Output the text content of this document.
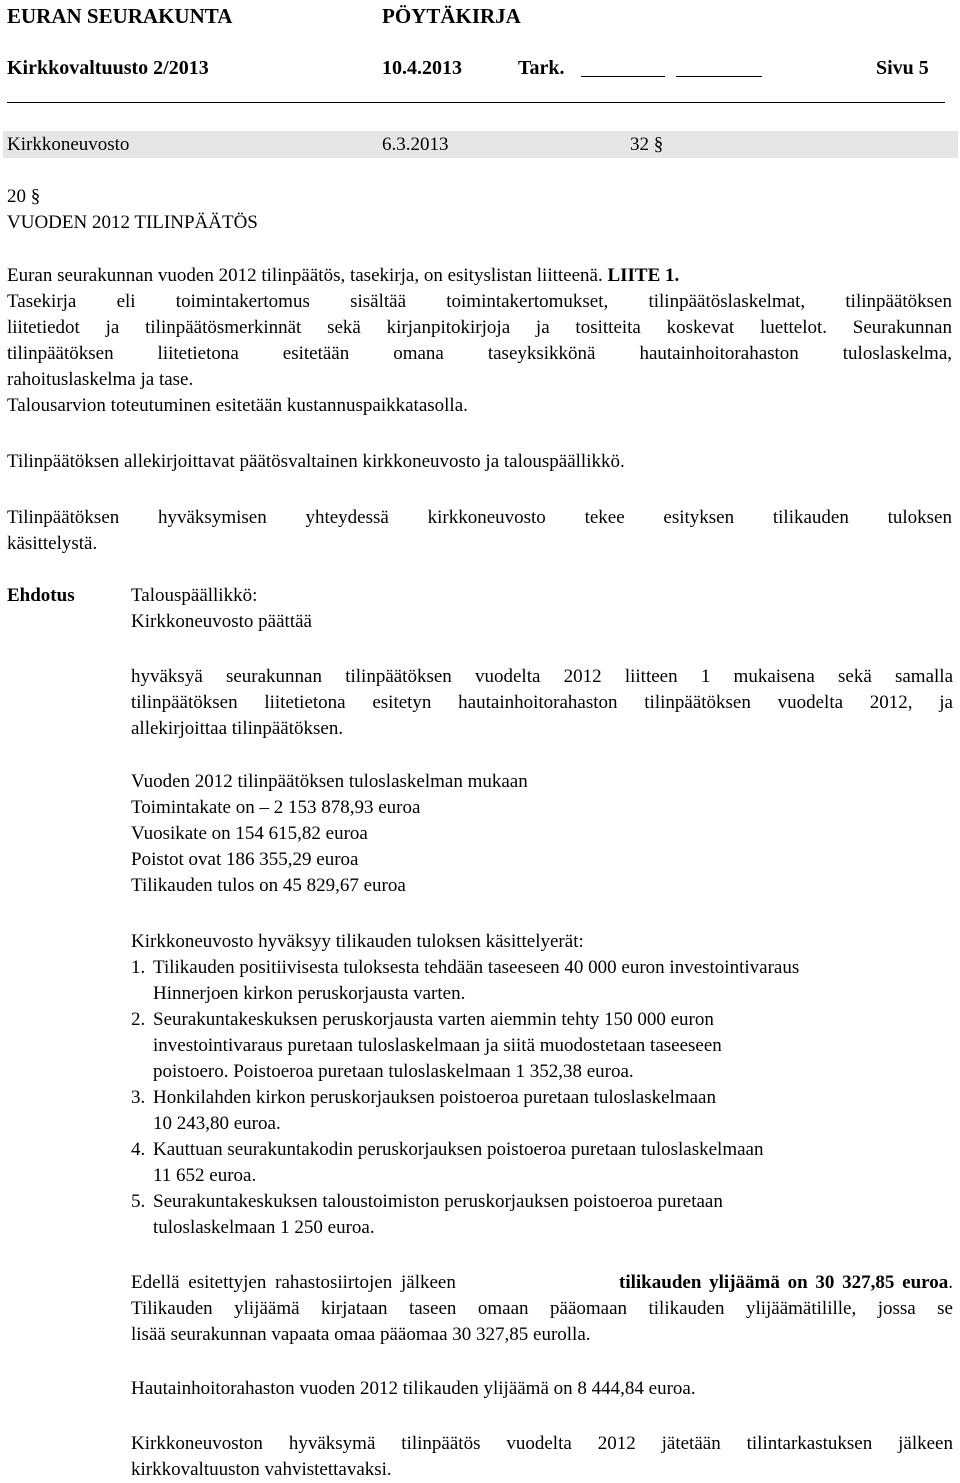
EURAN SEURAKUNTA	PÖYTÄKIRJA
Kirkkovaltuusto 2/2013	10.4.2013	Tark.	Sivu 5
Kirkkoneuvosto	6.3.2013	32 §
20 §
VUODEN 2012 TILINPÄÄTÖS
Euran seurakunnan vuoden 2012 tilinpäätös, tasekirja, on esityslistan liitteenä. LIITE 1.
Tasekirja eli toimintakertomus sisältää toimintakertomukset, tilinpäätöslaskelmat, tilinpäätöksen
liitetiedot ja tilinpäätösmerkinnät sekä kirjanpitokirjoja ja tositteita koskevat luettelot. Seurakunnan
tilinpäätöksen liitetietona esitetään omana taseyksikkönä hautainhoitorahaston tuloslaskelma,
rahoituslaskelma ja tase.
Talousarvion toteutuminen esitetään kustannuspaikkatasolla.
Tilinpäätöksen allekirjoittavat päätösvaltainen kirkkoneuvosto ja talouspäällikkö.
Tilinpäätöksen hyväksymisen yhteydessä kirkkoneuvosto tekee esityksen tilikauden tuloksen
käsittelystä.
Ehdotus	Talouspäällikkö:
Kirkkoneuvosto päättää
hyväksyä seurakunnan tilinpäätöksen vuodelta 2012 liitteen 1 mukaisena sekä samalla
tilinpäätöksen liitetietona esitetyn hautainhoitorahaston tilinpäätöksen vuodelta 2012, ja
allekirjoittaa tilinpäätöksen.
Vuoden 2012 tilinpäätöksen tuloslaskelman mukaan
Toimintakate on – 2 153 878,93 euroa
Vuosikate on 154 615,82 euroa
Poistot ovat 186 355,29 euroa
Tilikauden tulos on 45 829,67 euroa
Kirkkoneuvosto hyväksyy tilikauden tuloksen käsittelyerät:
1. Tilikauden positiivisesta tuloksesta tehdään taseeseen 40 000 euron investointivaraus
Hinnerjoen kirkon peruskorjausta varten.
2. Seurakuntakeskuksen peruskorjausta varten aiemmin tehty 150 000 euron
investointivaraus puretaan tuloslaskelmaan ja siitä muodostetaan taseeseen
poistoero. Poistoeroa puretaan tuloslaskelmaan 1 352,38 euroa.
3. Honkilahden kirkon peruskorjauksen poistoeroa puretaan tuloslaskelmaan
10 243,80 euroa.
4. Kauttuan seurakuntakodin peruskorjauksen poistoeroa puretaan tuloslaskelmaan
11 652 euroa.
5. Seurakuntakeskuksen taloustoimiston peruskorjauksen poistoeroa puretaan
tuloslaskelmaan 1 250 euroa.
Edellä esitettyjen rahastosiirtojen jälkeen	tilikauden ylijäämä on 30 327,85 euroa.
Tilikauden ylijäämä kirjataan taseen omaan pääomaan tilikauden ylijäämätilille, jossa se
lisää seurakunnan vapaata omaa pääomaa 30 327,85 eurolla.
Hautainhoitorahaston vuoden 2012 tilikauden ylijäämä on 8 444,84 euroa.
Kirkkoneuvoston hyväksymä tilinpäätös vuodelta 2012 jätetään tilintarkastuksen jälkeen
kirkkovaltuuston vahvistettavaksi.
